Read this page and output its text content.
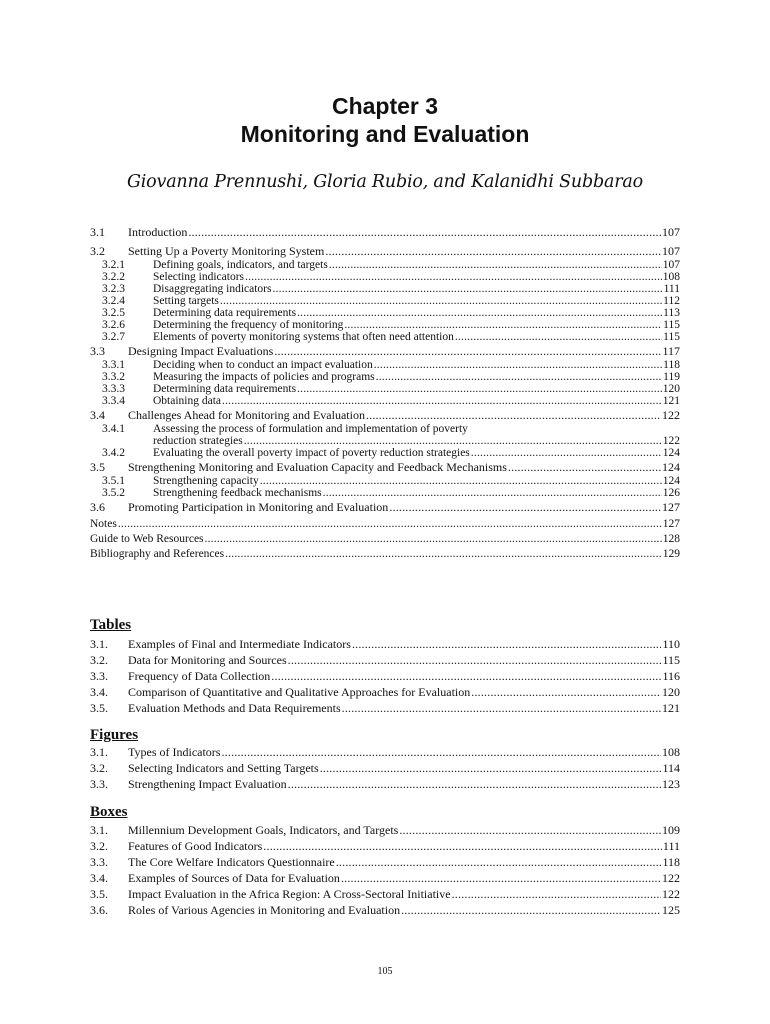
Chapter 3
Monitoring and Evaluation
Giovanna Prennushi, Gloria Rubio, and Kalanidhi Subbarao
3.1 Introduction .....	107
3.2 Setting Up a Poverty Monitoring System .....	107
3.2.1 Defining goals, indicators, and targets .....	107
3.2.2 Selecting indicators .....	108
3.2.3 Disaggregating indicators .....	111
3.2.4 Setting targets .....	112
3.2.5 Determining data requirements .....	113
3.2.6 Determining the frequency of monitoring .....	115
3.2.7 Elements of poverty monitoring systems that often need attention .....	115
3.3 Designing Impact Evaluations .....	117
3.3.1 Deciding when to conduct an impact evaluation .....	118
3.3.2 Measuring the impacts of policies and programs .....	119
3.3.3 Determining data requirements .....	120
3.3.4 Obtaining data .....	121
3.4 Challenges Ahead for Monitoring and Evaluation .....	122
3.4.1 Assessing the process of formulation and implementation of poverty
reduction strategies .....	122
3.4.2 Evaluating the overall poverty impact of poverty reduction strategies .....	124
3.5 Strengthening Monitoring and Evaluation Capacity and Feedback Mechanisms .....	124
3.5.1 Strengthening capacity .....	124
3.5.2 Strengthening feedback mechanisms .....	126
3.6 Promoting Participation in Monitoring and Evaluation .....	127
Notes .....	127
Guide to Web Resources .....	128
Bibliography and References .....	129
Tables
3.1. Examples of Final and Intermediate Indicators .....	110
3.2. Data for Monitoring and Sources .....	115
3.3. Frequency of Data Collection .....	116
3.4. Comparison of Quantitative and Qualitative Approaches for Evaluation .....	120
3.5. Evaluation Methods and Data Requirements .....	121
Figures
3.1. Types of Indicators .....	108
3.2. Selecting Indicators and Setting Targets .....	114
3.3. Strengthening Impact Evaluation .....	123
Boxes
3.1. Millennium Development Goals, Indicators, and Targets .....	109
3.2. Features of Good Indicators .....	111
3.3. The Core Welfare Indicators Questionnaire .....	118
3.4. Examples of Sources of Data for Evaluation .....	122
3.5. Impact Evaluation in the Africa Region: A Cross-Sectoral Initiative .....	122
3.6. Roles of Various Agencies in Monitoring and Evaluation .....	125
105
